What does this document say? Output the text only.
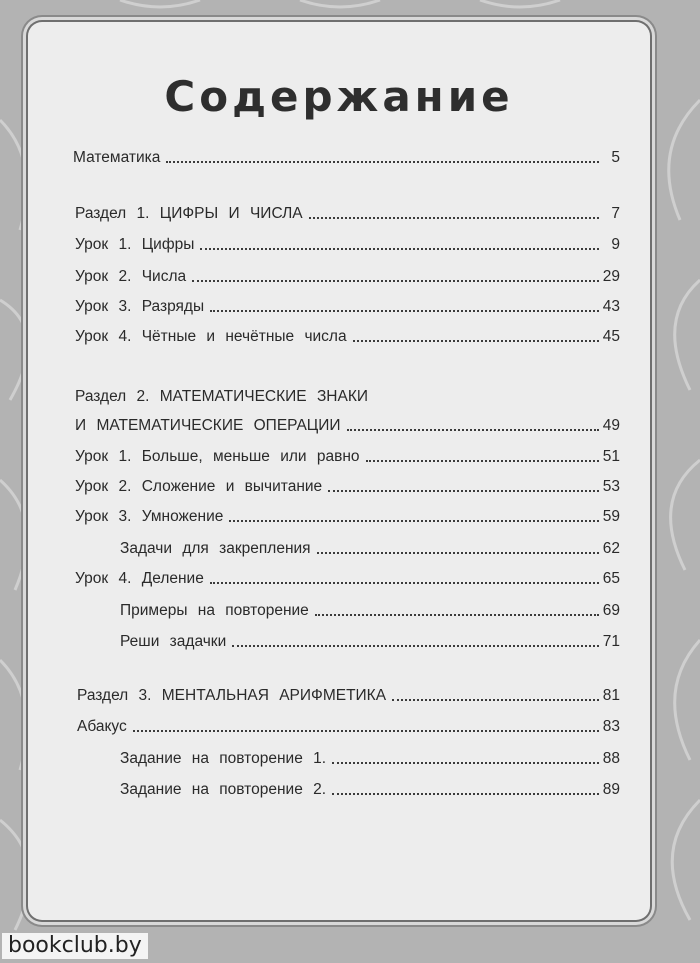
Содержание
Математика	5
Раздел 1. ЦИФРЫ И ЧИСЛА	7
Урок 1. Цифры	9
Урок 2. Числа	29
Урок 3. Разряды	43
Урок 4. Чётные и нечётные числа	45
Раздел 2. МАТЕМАТИЧЕСКИЕ ЗНАКИ
И МАТЕМАТИЧЕСКИЕ ОПЕРАЦИИ	49
Урок 1. Больше, меньше или равно	51
Урок 2. Сложение и вычитание	53
Урок 3. Умножение	59
Задачи для закрепления	62
Урок 4. Деление	65
Примеры на повторение	69
Реши задачки	71
Раздел 3. МЕНТАЛЬНАЯ АРИФМЕТИКА	81
Абакус	83
Задание на повторение 1.	88
Задание на повторение 2.	89
bookclub.by
